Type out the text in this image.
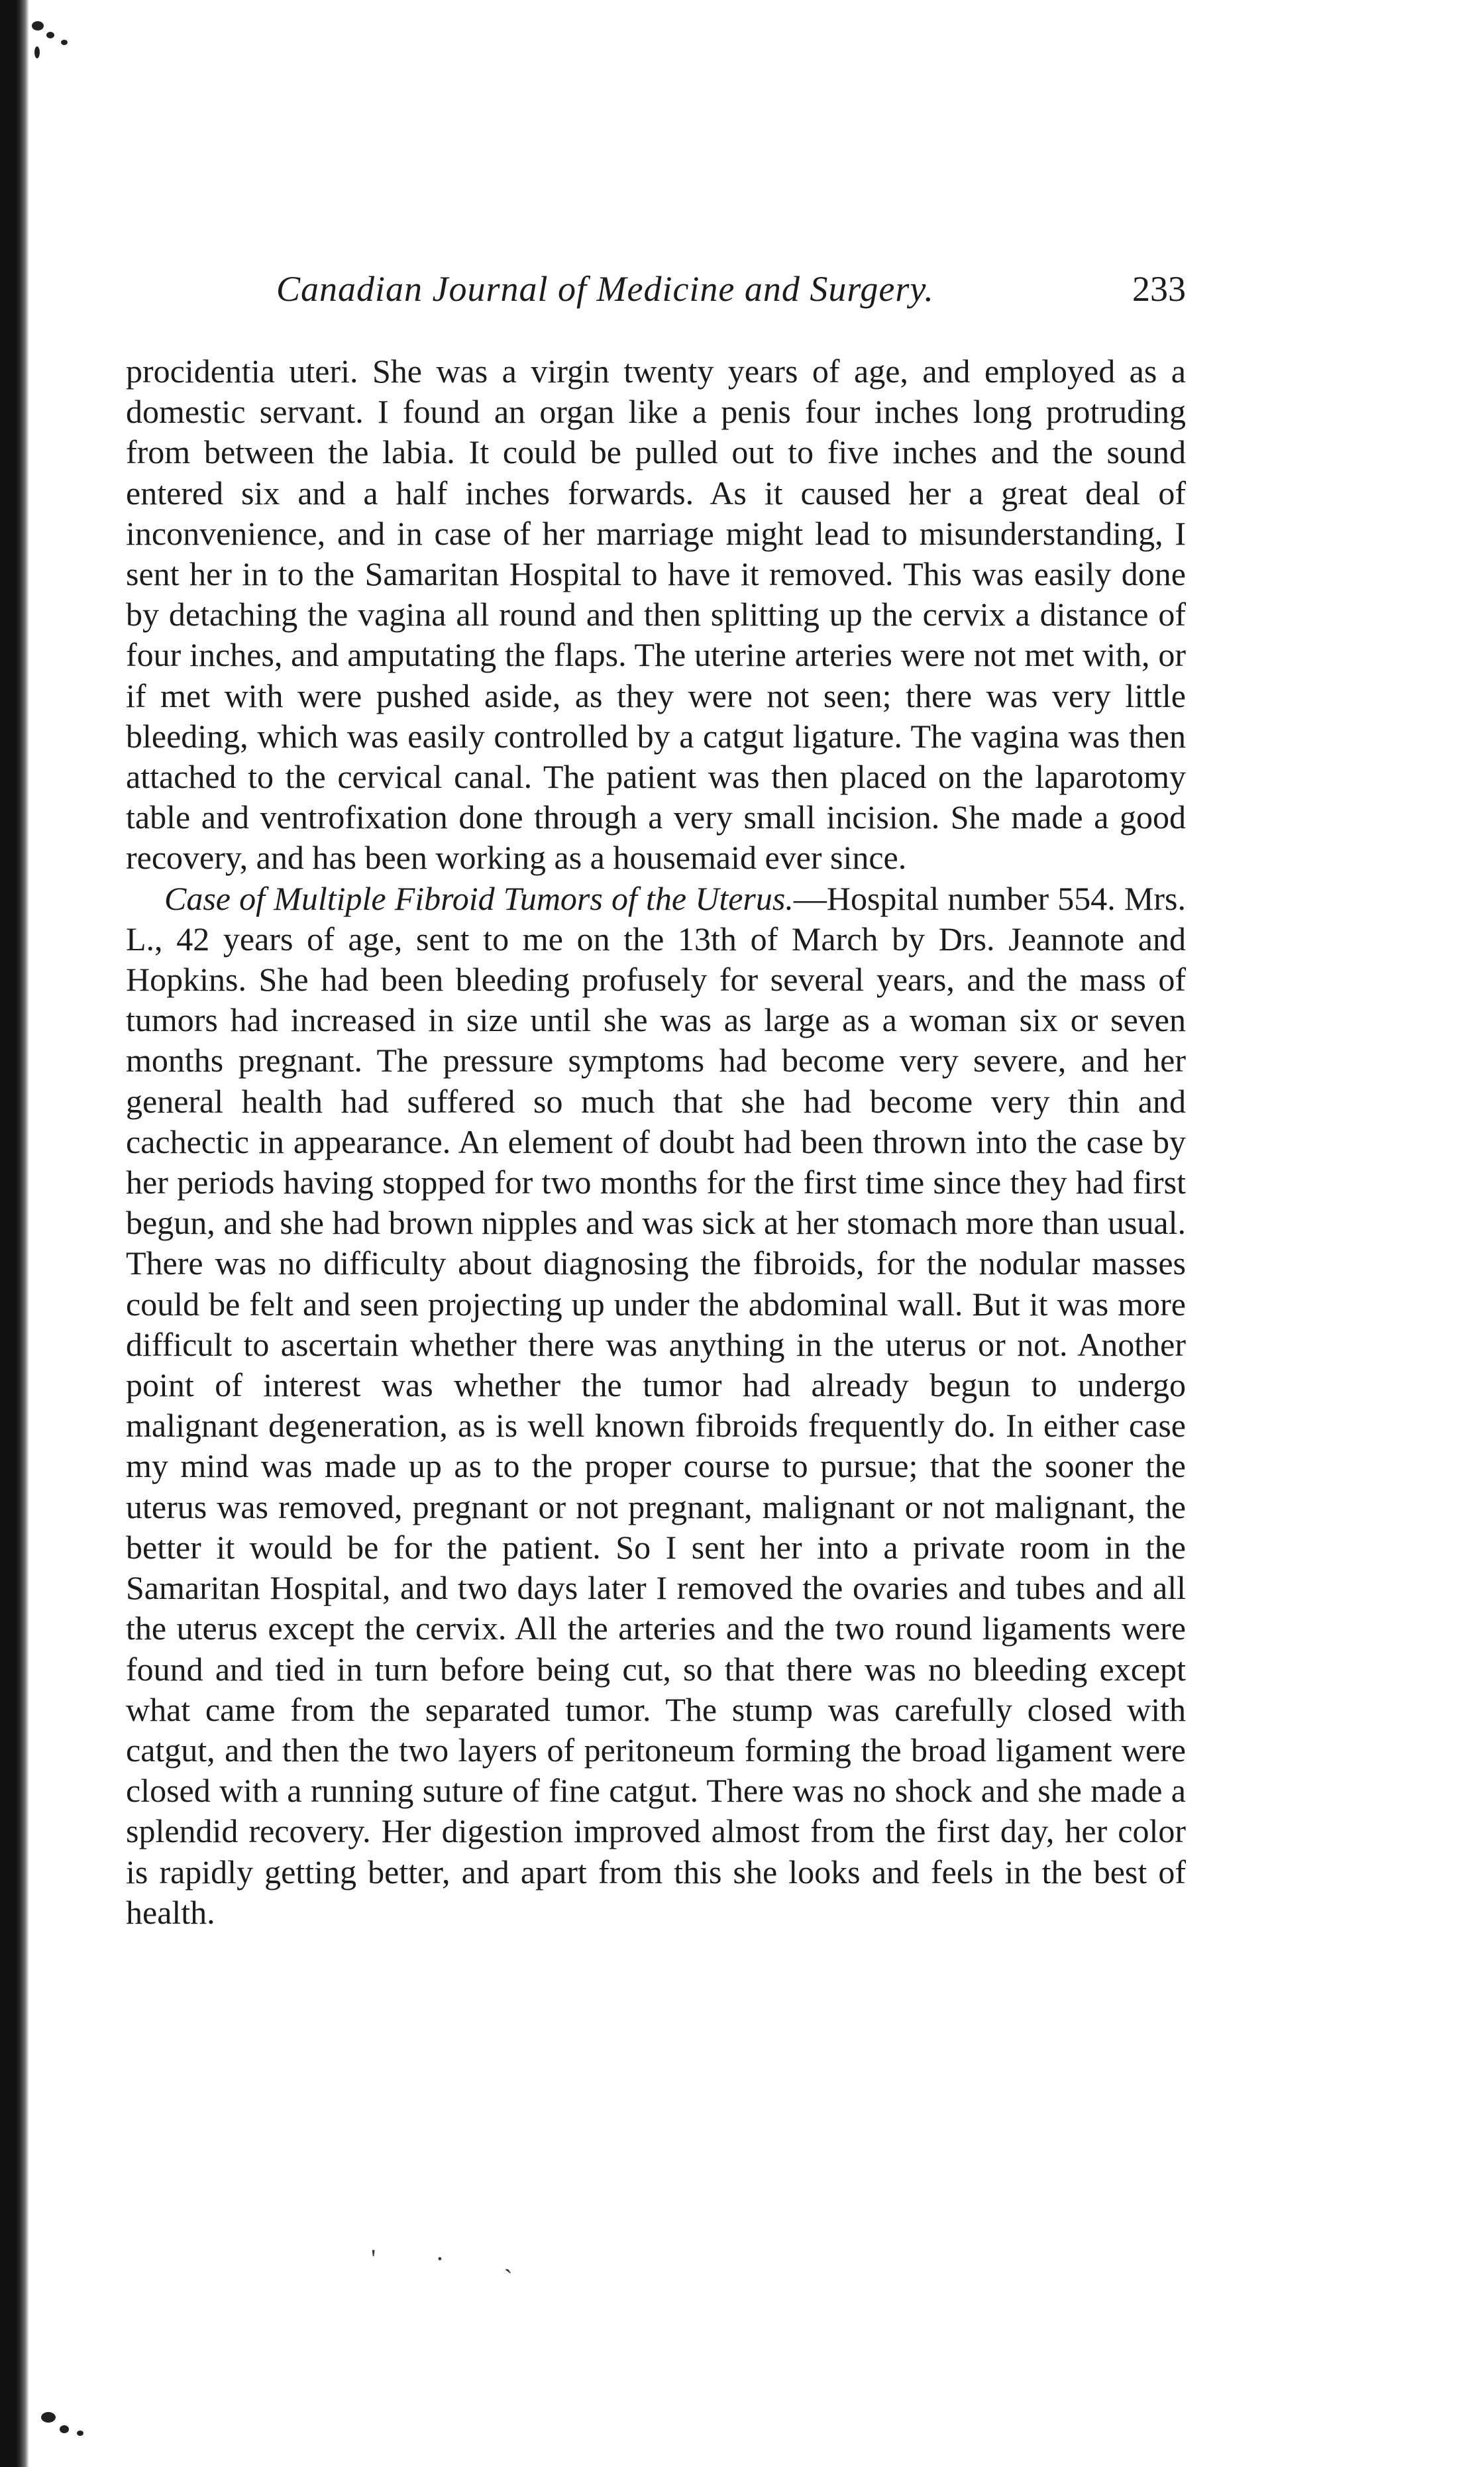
Canadian Journal of Medicine and Surgery.	233

procidentia uteri. She was a virgin twenty years of age, and employed as a domestic servant. I found an organ like a penis four inches long protruding from between the labia. It could be pulled out to five inches and the sound entered six and a half inches forwards. As it caused her a great deal of inconvenience, and in case of her marriage might lead to misunderstanding, I sent her in to the Samaritan Hospital to have it removed. This was easily done by detaching the vagina all round and then splitting up the cervix a distance of four inches, and amputating the flaps. The uterine arteries were not met with, or if met with were pushed aside, as they were not seen; there was very little bleeding, which was easily controlled by a catgut ligature. The vagina was then attached to the cervical canal. The patient was then placed on the laparotomy table and ventrofixation done through a very small incision. She made a good recovery, and has been working as a housemaid ever since.

Case of Multiple Fibroid Tumors of the Uterus.—Hospital number 554. Mrs. L., 42 years of age, sent to me on the 13th of March by Drs. Jeannote and Hopkins. She had been bleeding profusely for several years, and the mass of tumors had increased in size until she was as large as a woman six or seven months pregnant. The pressure symptoms had become very severe, and her general health had suffered so much that she had become very thin and cachectic in appearance. An element of doubt had been thrown into the case by her periods having stopped for two months for the first time since they had first begun, and she had brown nipples and was sick at her stomach more than usual. There was no difficulty about diagnosing the fibroids, for the nodular masses could be felt and seen projecting up under the abdominal wall. But it was more difficult to ascertain whether there was anything in the uterus or not. Another point of interest was whether the tumor had already begun to undergo malignant degeneration, as is well known fibroids frequently do. In either case my mind was made up as to the proper course to pursue; that the sooner the uterus was removed, pregnant or not pregnant, malignant or not malignant, the better it would be for the patient. So I sent her into a private room in the Samaritan Hospital, and two days later I removed the ovaries and tubes and all the uterus except the cervix. All the arteries and the two round ligaments were found and tied in turn before being cut, so that there was no bleeding except what came from the separated tumor. The stump was carefully closed with catgut, and then the two layers of peritoneum forming the broad ligament were closed with a running suture of fine catgut. There was no shock and she made a splendid recovery. Her digestion improved almost from the first day, her color is rapidly getting better, and apart from this she looks and feels in the best of health.

' · ˎ
